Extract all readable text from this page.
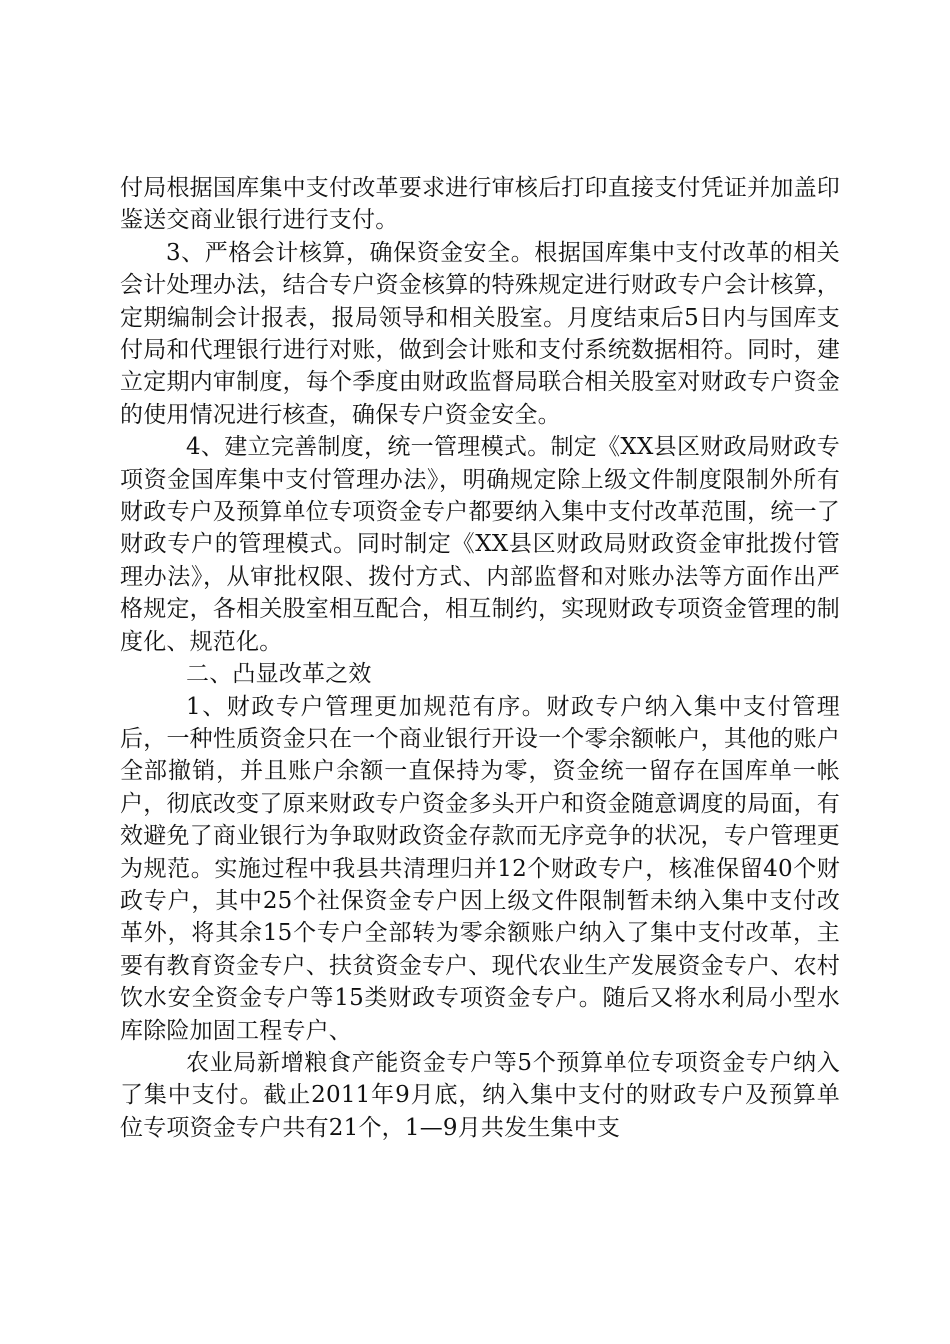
付局根据国库集中支付改革要求进行审核后打印直接支付凭证并加盖印鉴送交商业银行进行支付。

3、严格会计核算，确保资金安全。根据国库集中支付改革的相关会计处理办法，结合专户资金核算的特殊规定进行财政专户会计核算，定期编制会计报表，报局领导和相关股室。月度结束后5日内与国库支付局和代理银行进行对账，做到会计账和支付系统数据相符。同时，建立定期内审制度，每个季度由财政监督局联合相关股室对财政专户资金的使用情况进行核查，确保专户资金安全。

4、建立完善制度，统一管理模式。制定《XX县区财政局财政专项资金国库集中支付管理办法》，明确规定除上级文件制度限制外所有财政专户及预算单位专项资金专户都要纳入集中支付改革范围，统一了财政专户的管理模式。同时制定《XX县区财政局财政资金审批拨付管理办法》，从审批权限、拨付方式、内部监督和对账办法等方面作出严格规定，各相关股室相互配合，相互制约，实现财政专项资金管理的制度化、规范化。

二、凸显改革之效

1、财政专户管理更加规范有序。财政专户纳入集中支付管理后，一种性质资金只在一个商业银行开设一个零余额帐户，其他的账户全部撤销，并且账户余额一直保持为零，资金统一留存在国库单一帐户，彻底改变了原来财政专户资金多头开户和资金随意调度的局面，有效避免了商业银行为争取财政资金存款而无序竞争的状况，专户管理更为规范。实施过程中我县共清理归并12个财政专户，核准保留40个财政专户，其中25个社保资金专户因上级文件限制暂未纳入集中支付改革外，将其余15个专户全部转为零余额账户纳入了集中支付改革，主要有教育资金专户、扶贫资金专户、现代农业生产发展资金专户、农村饮水安全资金专户等15类财政专项资金专户。随后又将水利局小型水库除险加固工程专户、

农业局新增粮食产能资金专户等5个预算单位专项资金专户纳入了集中支付。截止2011年9月底，纳入集中支付的财政专户及预算单位专项资金专户共有21个，1—9月共发生集中支
